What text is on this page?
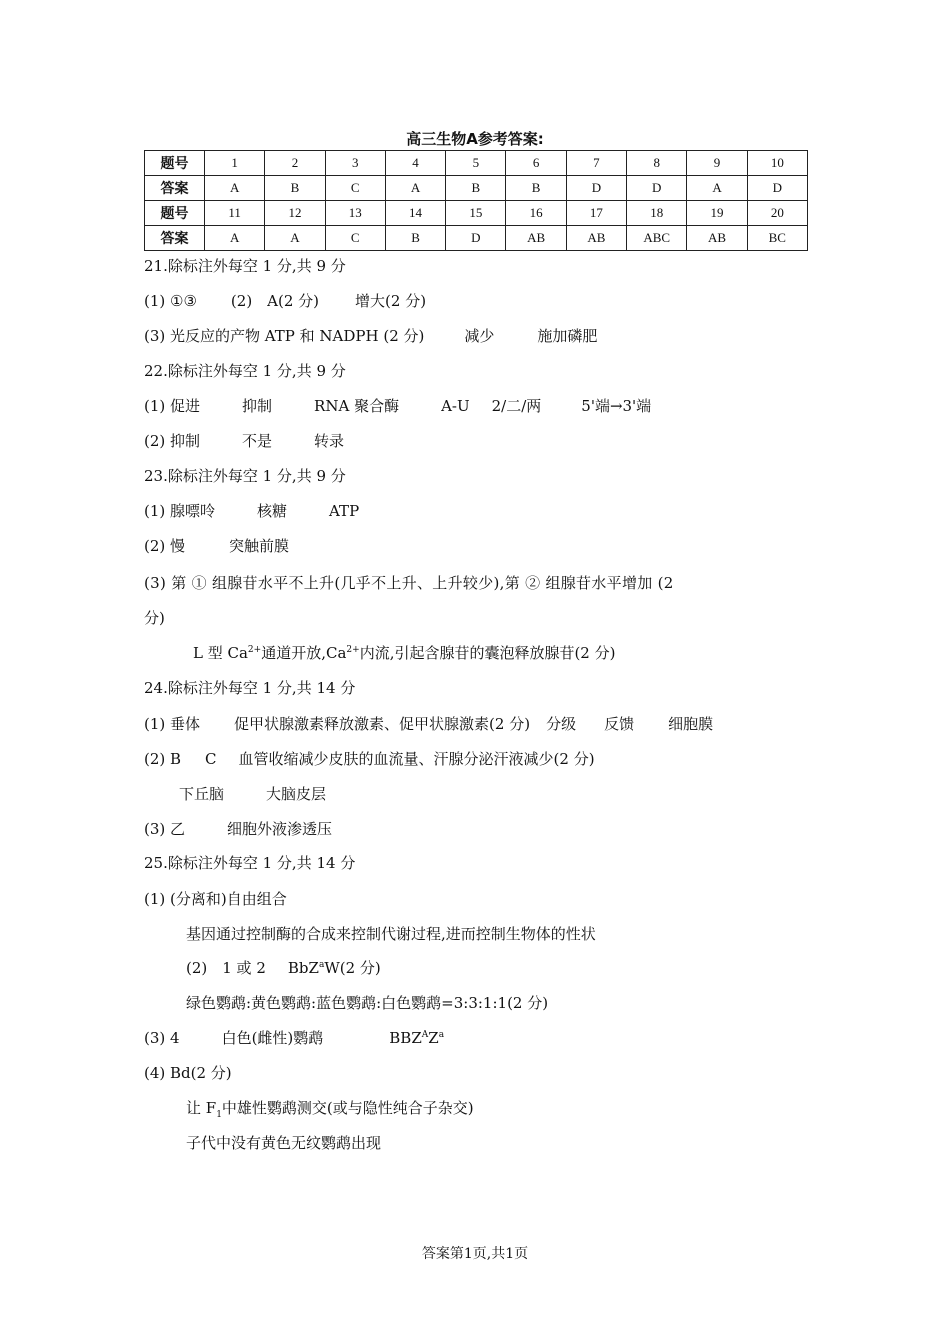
高三生物A参考答案:
题号	1	2	3	4	5	6	7	8	9	10
答案	A	B	C	A	B	B	D	D	A	D
题号	11	12	13	14	15	16	17	18	19	20
答案	A	A	C	B	D	AB	AB	ABC	AB	BC
21.除标注外每空 1 分,共 9 分
(1) ①③ (2)　A(2 分) 增大(2 分)
(3) 光反应的产物 ATP 和 NADPH (2 分)	减少	施加磷肥
22.除标注外每空 1 分,共 9 分
(1) 促进	抑制	RNA 聚合酶	A-U 2/二/两	5'端→3'端
(2) 抑制	不是	转录
23.除标注外每空 1 分,共 9 分
(1) 腺嘌呤	核糖	ATP
(2) 慢	突触前膜
(3) 第 ① 组腺苷水平不上升(几乎不上升、上升较少),第 ② 组腺苷水平增加 (2
分)
L 型 $Ca^{2+}$通道开放$,Ca^{2+}$内流,引起含腺苷的囊泡释放腺苷(2 分)
24.除标注外每空 1 分,共 14 分
(1) 垂体 促甲状腺激素释放激素、促甲状腺激素(2 分) 分级 反馈 细胞膜
(2) B C 血管收缩减少皮肤的血流量、汗腺分泌汗液减少(2 分)
下丘脑	大脑皮层
(3) 乙	细胞外液渗透压
25.除标注外每空 1 分,共 14 分
(1) (分离和)自由组合
基因通过控制酶的合成来控制代谢过程,进而控制生物体的性状
(2)　1 或 2 BbZ$^a$W(2 分)
绿色鹦鹉:黄色鹦鹉:蓝色鹦鹉:白色鹦鹉=3:3:1:1(2 分)
(3) 4	白色(雌性)鹦鹉	$BBZ^AZ^a$
(4) Bd(2 分)
让 $F_1$中雄性鹦鹉测交(或与隐性纯合子杂交)
子代中没有黄色无纹鹦鹉出现
答案第1页,共1页
